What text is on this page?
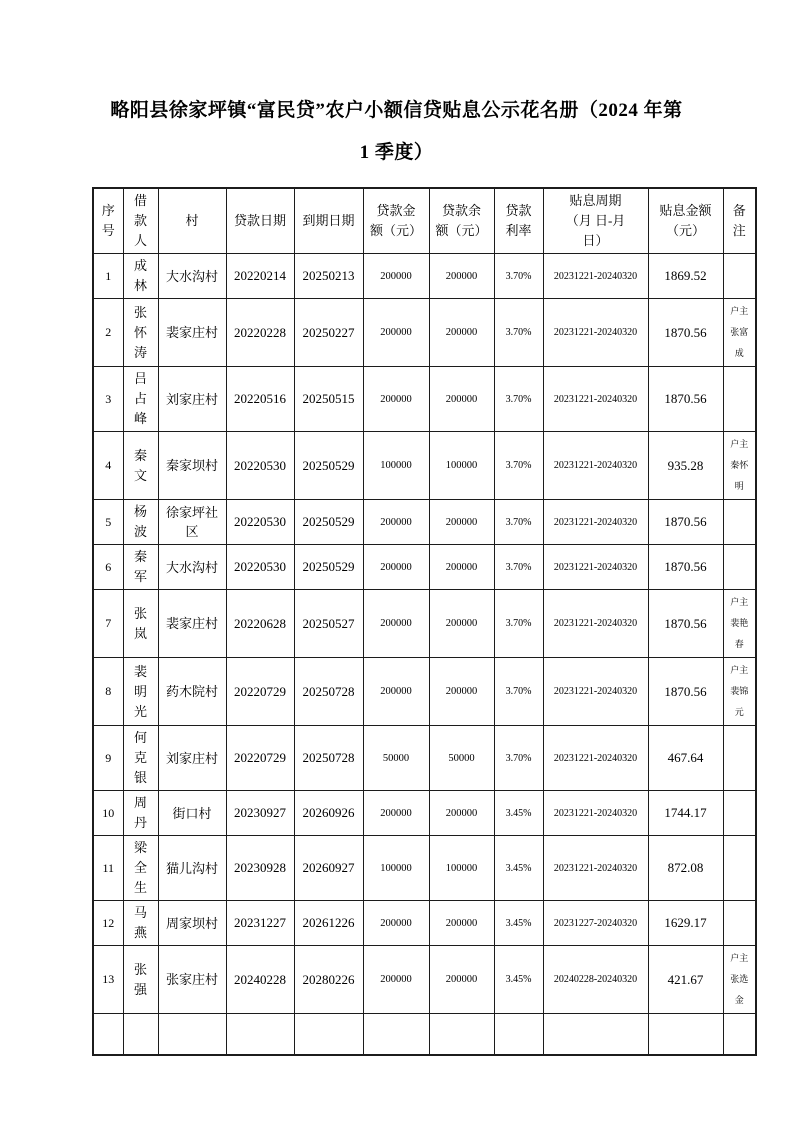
略阳县徐家坪镇“富民贷”农户小额信贷贴息公示花名册（2024 年第
1 季度）
序
号	借
款
人	村	贷款日期	到期日期	贷款金
额（元）	贷款余
额（元）	贷款
利率	贴息周期
（月 日-月
日）	贴息金额
（元）	备
注

1	成林	大水沟村	20220214	20250213	200000	200000	3.70%	20231221-20240320	1869.52	
2	张怀涛	裴家庄村	20220228	20250227	200000	200000	3.70%	20231221-20240320	1870.56	户主张富成
3	吕占峰	刘家庄村	20220516	20250515	200000	200000	3.70%	20231221-20240320	1870.56	
4	秦文	秦家坝村	20220530	20250529	100000	100000	3.70%	20231221-20240320	935.28	户主秦怀明
5	杨波	徐家坪社区	20220530	20250529	200000	200000	3.70%	20231221-20240320	1870.56	
6	秦军	大水沟村	20220530	20250529	200000	200000	3.70%	20231221-20240320	1870.56	
7	张岚	裴家庄村	20220628	20250527	200000	200000	3.70%	20231221-20240320	1870.56	户主裴艳春
8	裴明光	药木院村	20220729	20250728	200000	200000	3.70%	20231221-20240320	1870.56	户主裴锦元
9	何克银	刘家庄村	20220729	20250728	50000	50000	3.70%	20231221-20240320	467.64	
10	周丹	街口村	20230927	20260926	200000	200000	3.45%	20231221-20240320	1744.17	
11	梁全生	猫儿沟村	20230928	20260927	100000	100000	3.45%	20231221-20240320	872.08	
12	马燕	周家坝村	20231227	20261226	200000	200000	3.45%	20231227-20240320	1629.17	
13	张强	张家庄村	20240228	20280226	200000	200000	3.45%	20240228-20240320	421.67	户主张选金
